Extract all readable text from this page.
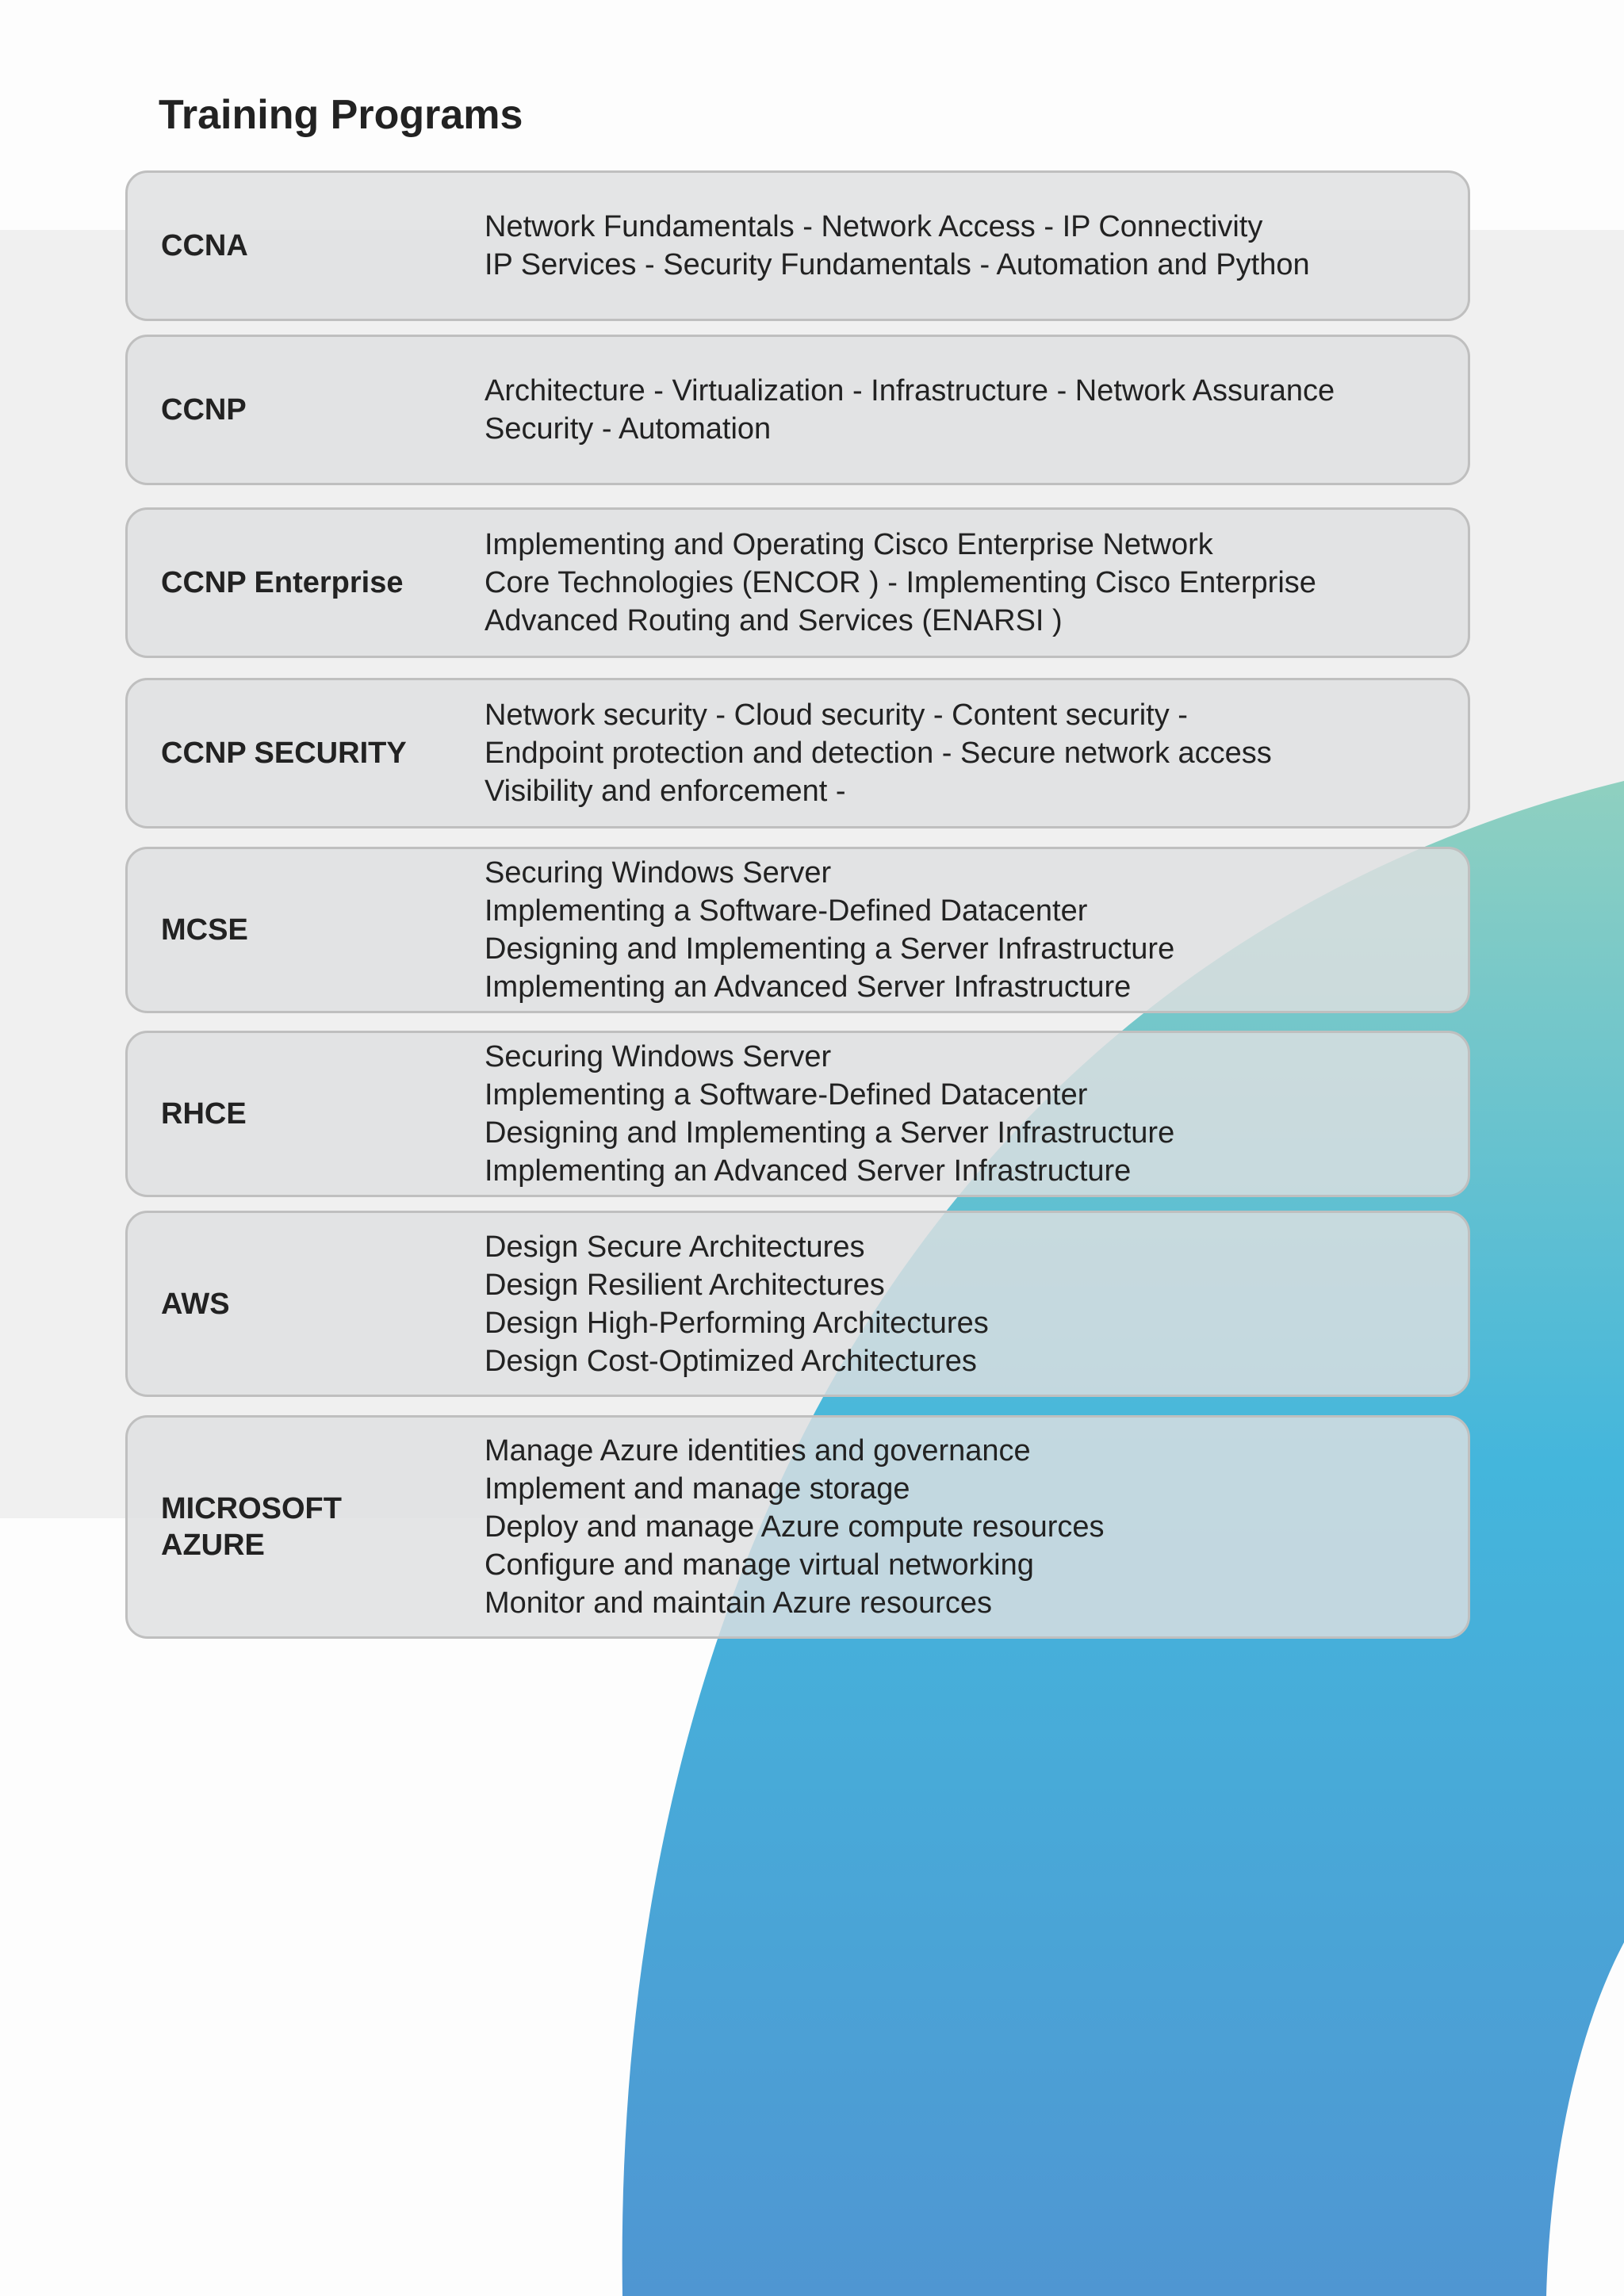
Training Programs
CCNA
Network Fundamentals - Network Access - IP Connectivity
IP Services - Security Fundamentals - Automation and Python
CCNP
Architecture - Virtualization - Infrastructure - Network Assurance
Security - Automation
CCNP Enterprise
Implementing and Operating Cisco Enterprise Network
Core Technologies (ENCOR ) - Implementing Cisco Enterprise
Advanced Routing and Services (ENARSI )
CCNP SECURITY
Network security - Cloud security - Content security -
Endpoint protection and detection - Secure network access
Visibility and enforcement -
MCSE
Securing Windows Server
Implementing a Software-Defined Datacenter
Designing and Implementing a Server Infrastructure
Implementing an Advanced Server Infrastructure
RHCE
Securing Windows Server
Implementing a Software-Defined Datacenter
Designing and Implementing a Server Infrastructure
Implementing an Advanced Server Infrastructure
AWS
Design Secure Architectures
Design Resilient Architectures
Design High-Performing Architectures
Design Cost-Optimized Architectures
MICROSOFT
AZURE
Manage Azure identities and governance
Implement and manage storage
Deploy and manage Azure compute resources
Configure and manage virtual networking
Monitor and maintain Azure resources
